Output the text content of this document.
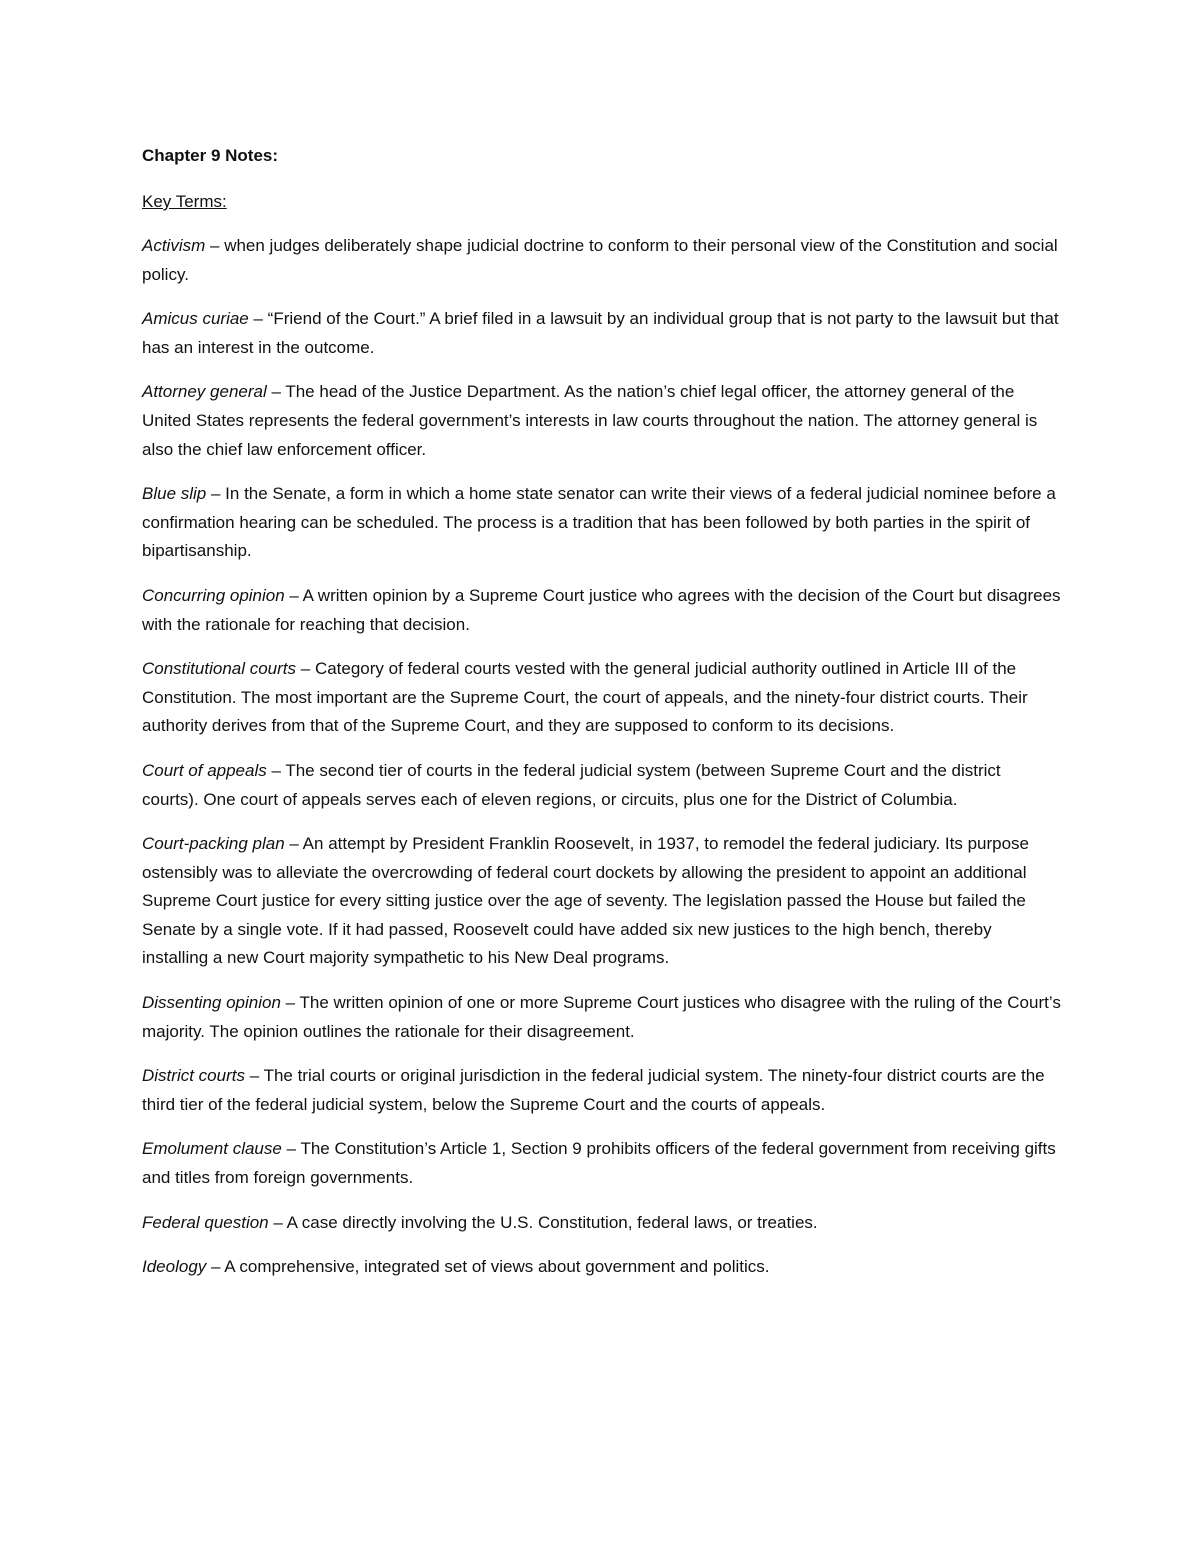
Chapter 9 Notes:

Key Terms:

Activism – when judges deliberately shape judicial doctrine to conform to their personal view of the Constitution and social policy.

Amicus curiae – “Friend of the Court.” A brief filed in a lawsuit by an individual group that is not party to the lawsuit but that has an interest in the outcome.

Attorney general – The head of the Justice Department. As the nation’s chief legal officer, the attorney general of the United States represents the federal government’s interests in law courts throughout the nation. The attorney general is also the chief law enforcement officer.

Blue slip – In the Senate, a form in which a home state senator can write their views of a federal judicial nominee before a confirmation hearing can be scheduled. The process is a tradition that has been followed by both parties in the spirit of bipartisanship.

Concurring opinion – A written opinion by a Supreme Court justice who agrees with the decision of the Court but disagrees with the rationale for reaching that decision.

Constitutional courts – Category of federal courts vested with the general judicial authority outlined in Article III of the Constitution. The most important are the Supreme Court, the court of appeals, and the ninety-four district courts. Their authority derives from that of the Supreme Court, and they are supposed to conform to its decisions.

Court of appeals – The second tier of courts in the federal judicial system (between Supreme Court and the district courts). One court of appeals serves each of eleven regions, or circuits, plus one for the District of Columbia.

Court-packing plan – An attempt by President Franklin Roosevelt, in 1937, to remodel the federal judiciary. Its purpose ostensibly was to alleviate the overcrowding of federal court dockets by allowing the president to appoint an additional Supreme Court justice for every sitting justice over the age of seventy. The legislation passed the House but failed the Senate by a single vote. If it had passed, Roosevelt could have added six new justices to the high bench, thereby installing a new Court majority sympathetic to his New Deal programs.

Dissenting opinion – The written opinion of one or more Supreme Court justices who disagree with the ruling of the Court’s majority. The opinion outlines the rationale for their disagreement.

District courts – The trial courts or original jurisdiction in the federal judicial system. The ninety-four district courts are the third tier of the federal judicial system, below the Supreme Court and the courts of appeals.

Emolument clause – The Constitution’s Article 1, Section 9 prohibits officers of the federal government from receiving gifts and titles from foreign governments.

Federal question – A case directly involving the U.S. Constitution, federal laws, or treaties.

Ideology – A comprehensive, integrated set of views about government and politics.
